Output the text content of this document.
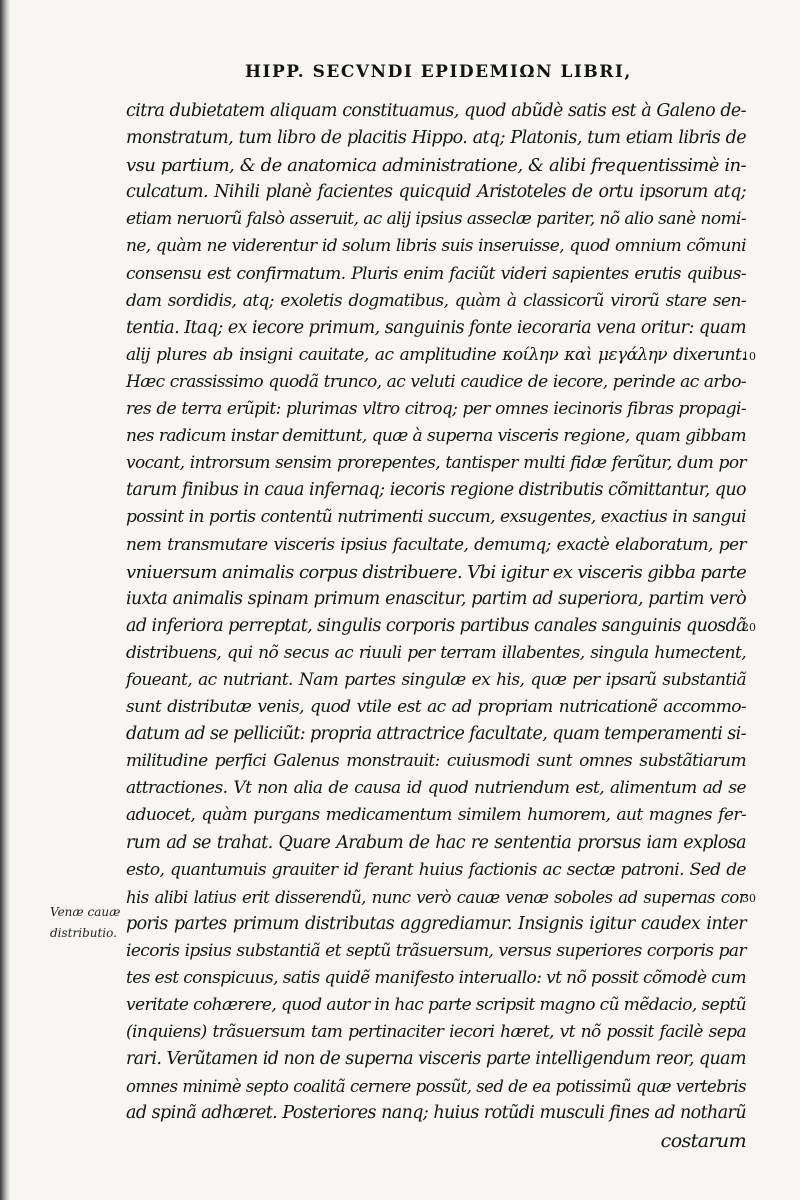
HIPP. SECVNDI EPIDEMIΩN LIBRI,
Venæ cauæ
distributio.
citra dubietatem aliquam constituamus, quod abũdè satis est à Galeno de-
monstratum, tum libro de placitis Hippo. atq; Platonis, tum etiam libris de
vsu partium, & de anatomica administratione, & alibi frequentissimè in-
culcatum. Nihili planè facientes quicquid Aristoteles de ortu ipsorum atq;
etiam neruorũ falsò asseruit, ac alij ipsius asseclæ pariter, nõ alio sanè nomi-
ne, quàm ne viderentur id solum libris suis inseruisse, quod omnium cõmuni
consensu est confirmatum. Pluris enim faciũt videri sapientes erutis quibus-
dam sordidis, atq; exoletis dogmatibus, quàm à classicorũ virorũ stare sen-
tentia. Itaq; ex iecore primum, sanguinis fonte iecoraria vena oritur: quam
alij plures ab insigni cauitate, ac amplitudine κοίλην καὶ μεγάλην dixerunt.
Hæc crassissimo quodã trunco, ac veluti caudice de iecore, perinde ac arbo-
res de terra erũpit: plurimas vltro citroq; per omnes iecinoris fibras propagi-
nes radicum instar demittunt, quæ à superna visceris regione, quam gibbam
vocant, introrsum sensim prorepentes, tantisper multi fidæ ferũtur, dum por
tarum finibus in caua infernaq; iecoris regione distributis cõmittantur, quo
possint in portis contentũ nutrimenti succum, exsugentes, exactius in sangui
nem transmutare visceris ipsius facultate, demumq; exactè elaboratum, per
vniuersum animalis corpus distribuere. Vbi igitur ex visceris gibba parte
iuxta animalis spinam primum enascitur, partim ad superiora, partim verò
ad inferiora perreptat, singulis corporis partibus canales sanguinis quosdã
distribuens, qui nõ secus ac riuuli per terram illabentes, singula humectent,
foueant, ac nutriant. Nam partes singulæ ex his, quæ per ipsarũ substantiã
sunt distributæ venis, quod vtile est ac ad propriam nutricationẽ accommo-
datum ad se pelliciũt: propria attractrice facultate, quam temperamenti si-
militudine perfici Galenus monstrauit: cuiusmodi sunt omnes substãtiarum
attractiones. Vt non alia de causa id quod nutriendum est, alimentum ad se
aduocet, quàm purgans medicamentum similem humorem, aut magnes fer-
rum ad se trahat. Quare Arabum de hac re sententia prorsus iam explosa
esto, quantumuis grauiter id ferant huius factionis ac sectæ patroni. Sed de
his alibi latius erit disserendũ, nunc verò cauæ venæ soboles ad supernas cor
poris partes primum distributas aggrediamur. Insignis igitur caudex inter
iecoris ipsius substantiã et septũ trãsuersum, versus superiores corporis par
tes est conspicuus, satis quidẽ manifesto interuallo: vt nõ possit cõmodè cum
veritate cohærere, quod autor in hac parte scripsit magno cũ mẽdacio, septũ
(inquiens) trãsuersum tam pertinaciter iecori hæret, vt nõ possit facilè sepa
rari. Verũtamen id non de superna visceris parte intelligendum reor, quam
omnes minimè septo coalitã cernere possũt, sed de ea potissimũ quæ vertebris
ad spinã adhæret. Posteriores nanq; huius rotũdi musculi fines ad notharũ
costarum
10
20
30
